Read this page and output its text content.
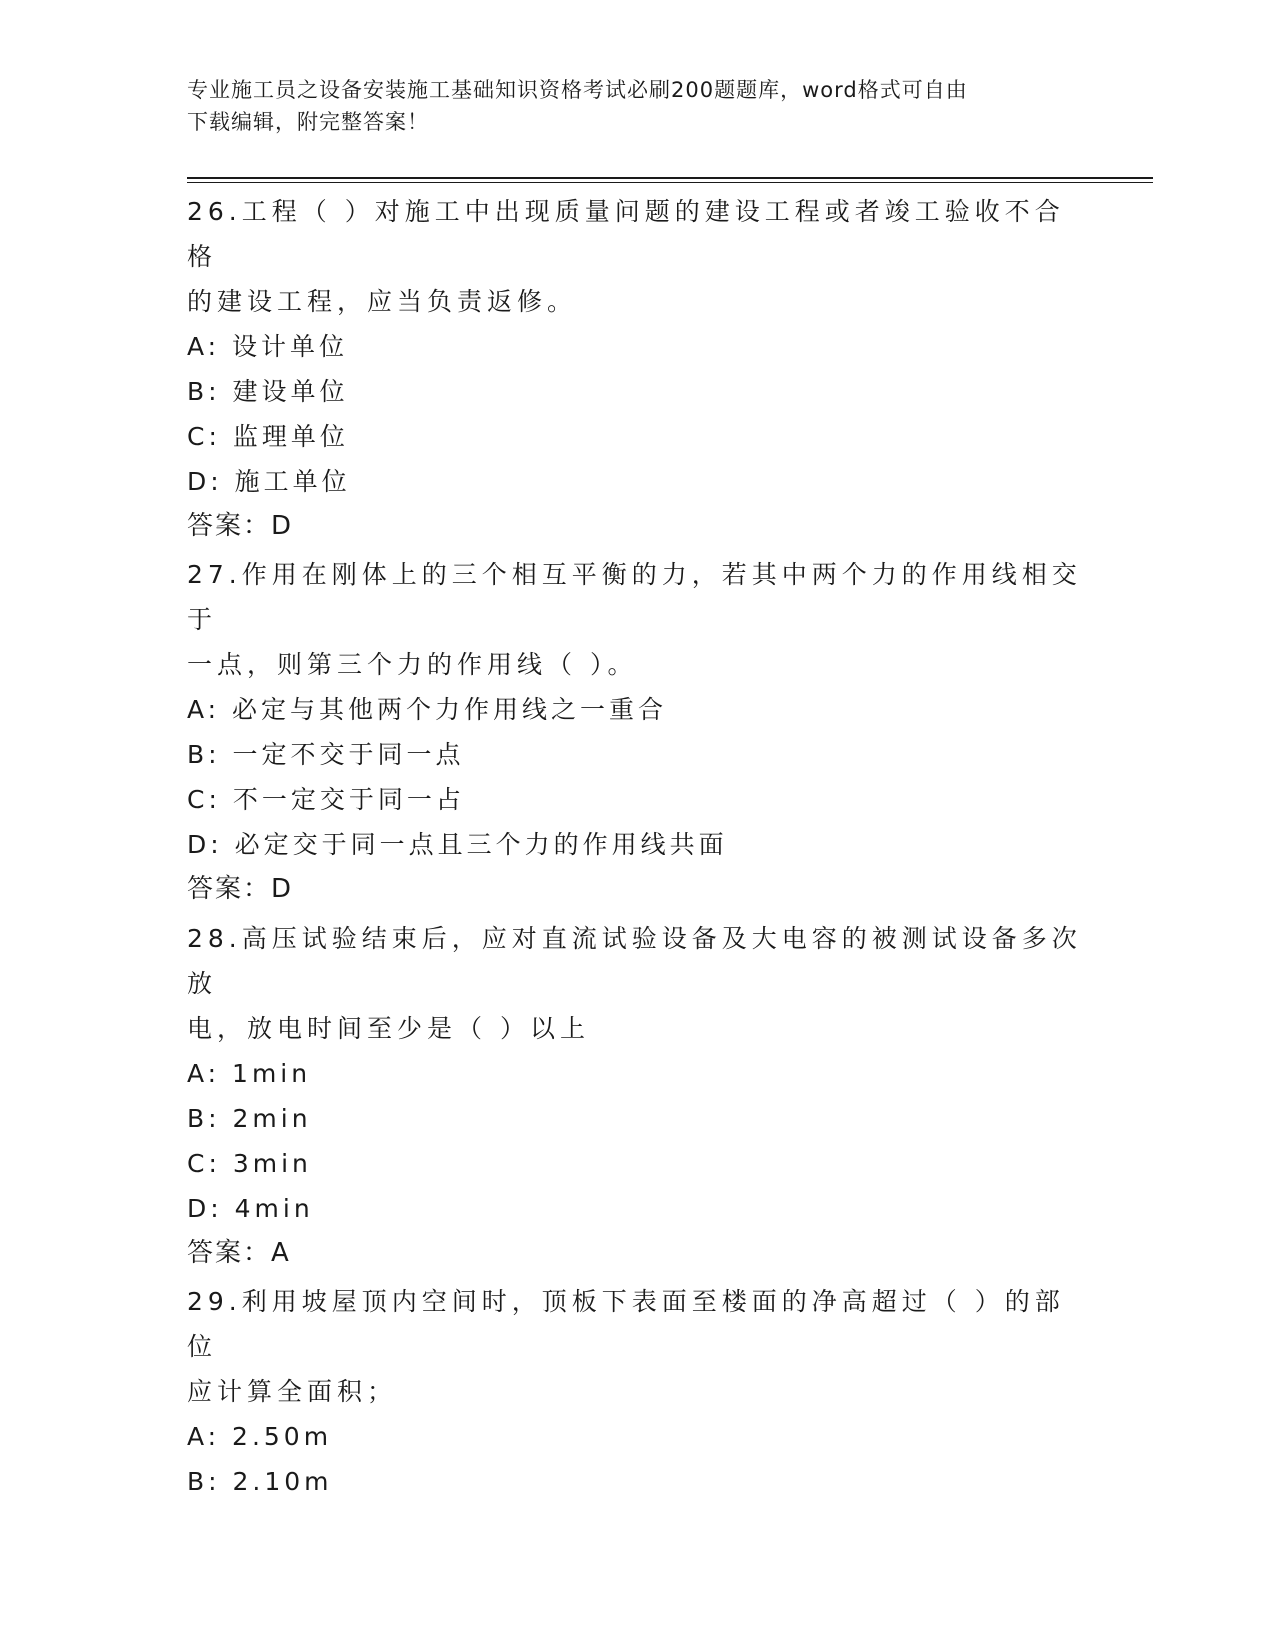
专业施工员之设备安装施工基础知识资格考试必刷200题题库，word格式可自由
下载编辑，附完整答案！

26.工程（ ）对施工中出现质量问题的建设工程或者竣工验收不合格

的建设工程，应当负责返修。

A: 设计单位

B: 建设单位

C: 监理单位

D: 施工单位

答案：D

27.作用在刚体上的三个相互平衡的力，若其中两个力的作用线相交于

一点，则第三个力的作用线（ ）。

A: 必定与其他两个力作用线之一重合

B: 一定不交于同一点

C: 不一定交于同一占

D: 必定交于同一点且三个力的作用线共面

答案：D

28.高压试验结束后，应对直流试验设备及大电容的被测试设备多次放

电，放电时间至少是（ ）以上

A: 1min

B: 2min

C: 3min

D: 4min

答案：A

29.利用坡屋顶内空间时，顶板下表面至楼面的净高超过（ ）的部位

应计算全面积；

A: 2.50m

B: 2.10m
